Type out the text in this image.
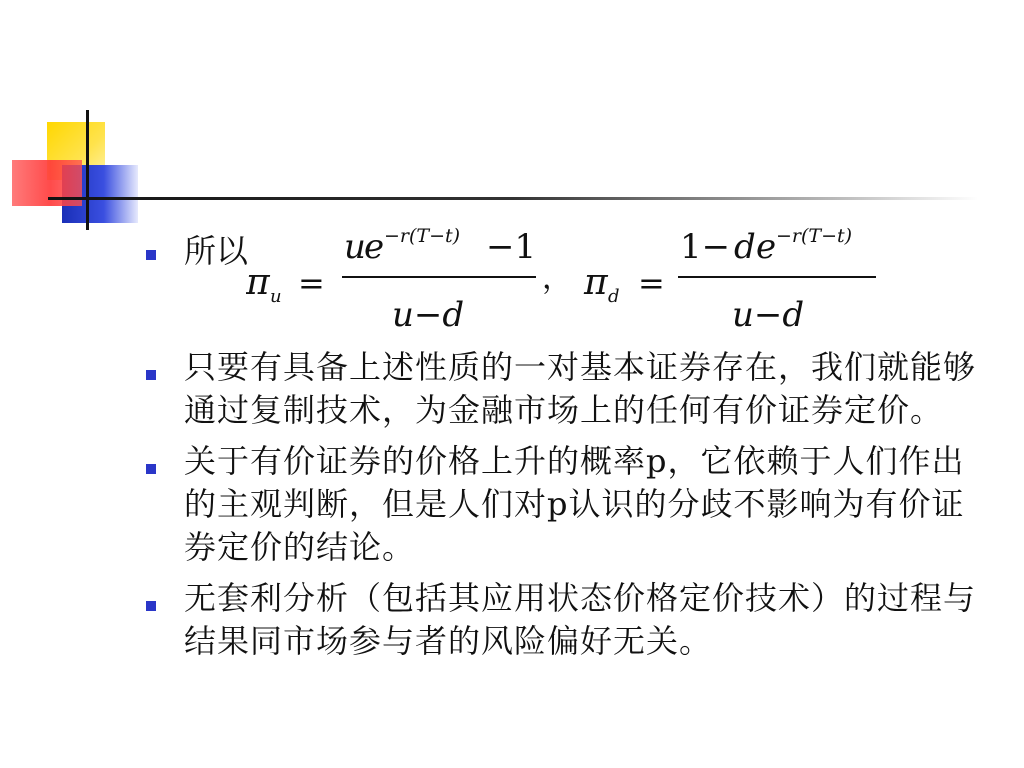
所以
π u =
u
e −r(T−t) −1
u−d
， π d =
1− d e −r(T−t)
u−d
只要有具备上述性质的一对基本证券存在，我们就能够通过复制技术，为金融市场上的任何有价证券定价。
关于有价证券的价格上升的概率p，它依赖于人们作出的主观判断，但是人们对p认识的分歧不影响为有价证券定价的结论。
无套利分析（包括其应用状态价格定价技术）的过程与结果同市场参与者的风险偏好无关。
